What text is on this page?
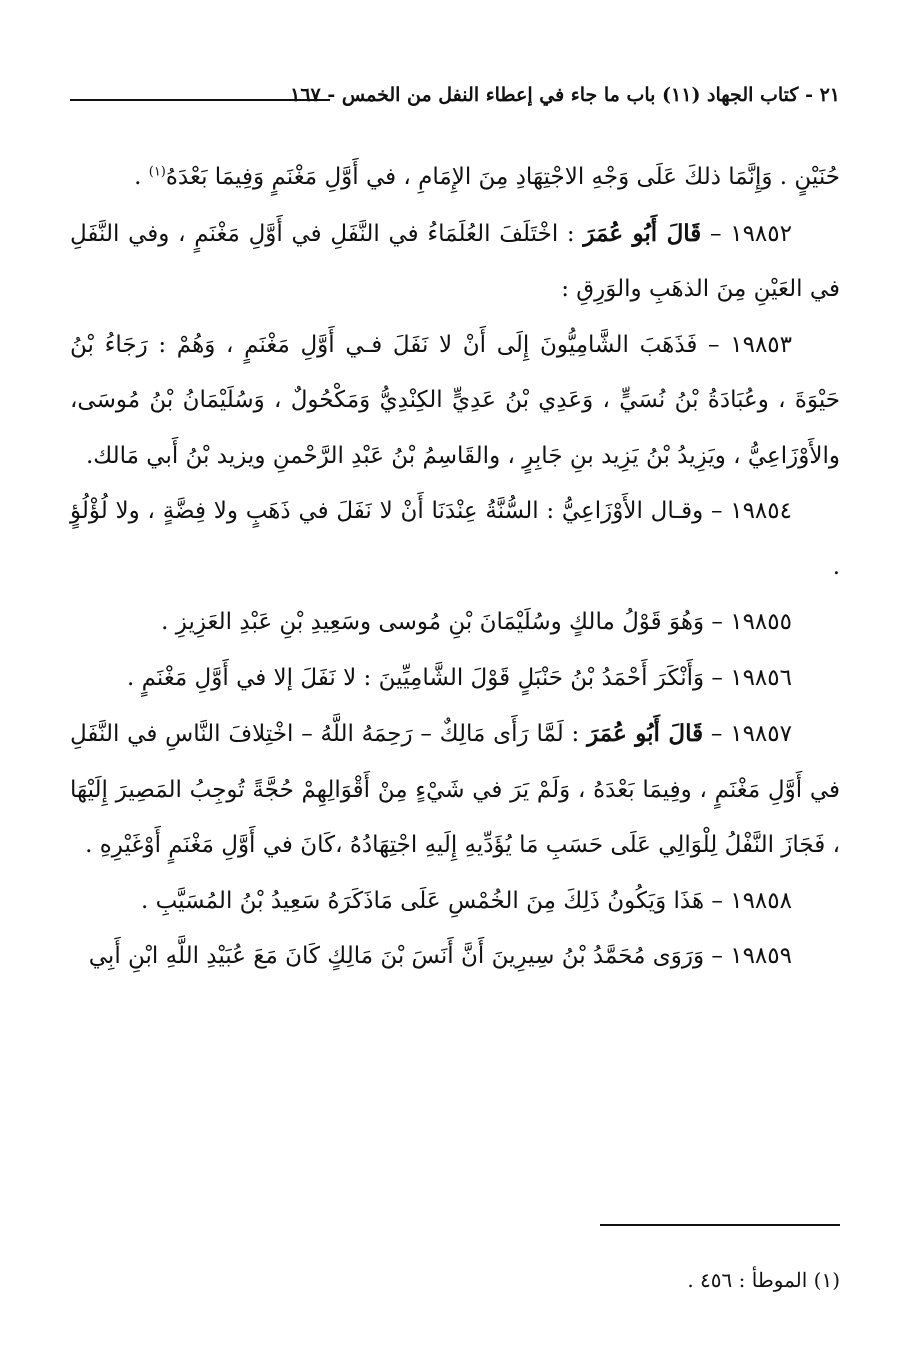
٢١ - كتاب الجهاد (١١) باب ما جاء في إعطاء النفل من الخمس - ١٦٧

حُنَيْنٍ . وَإِنَّمَا ذلكَ عَلَى وَجْهِ الاجْتِهَادِ مِنَ الإِمَامِ ، في أَوَّلِ مَغْنَمٍ وَفِيمَا بَعْدَهُ$^{(١)}$ .

١٩٨٥٢ – قَالَ أَبُو عُمَرَ : اخْتَلَفَ العُلَمَاءُ في النَّفَلِ في أَوَّلِ مَغْنَمٍ ، وفي النَّفَلِ في العَيْنِ مِنَ الذهَبِ والوَرِقِ :

١٩٨٥٣ – فَذَهَبَ الشَّامِيُّونَ إِلَى أَنْ لا نَفَلَ فـي أَوَّلِ مَغْنَمٍ ، وَهُمْ : رَجَاءُ بْنُ حَيْوَةَ ، وعُبَادَةُ بْنُ نُسَيٍّ ، وَعَدِي بْنُ عَدِيٍّ الكِنْدِيُّ وَمَكْحُولٌ ، وَسُلَيْمَانُ بْنُ مُوسَى، والأَوْزَاعِيُّ ، ويَزِيدُ بْنُ يَزِيد بنِ جَابِرٍ ، والقَاسِمُ بْنُ عَبْدِ الرَّحْمنِ ويزيد بْنُ أَبي مَالك.

١٩٨٥٤ – وقـال الأَوْزَاعِيُّ : السُّنَّةُ عِنْدَنَا أَنْ لا نَفَلَ في ذَهَبٍ ولا فِضَّةٍ ، ولا لُؤْلُؤٍ .

١٩٨٥٥ – وَهُوَ قَوْلُ مالكٍ وسُلَيْمَانَ بْنِ مُوسى وسَعِيدِ بْنِ عَبْدِ العَزِيزِ .

١٩٨٥٦ – وَأَنْكَرَ أَحْمَدُ بْنُ حَنْبَلٍ قَوْلَ الشَّامِيِّينَ : لا نَفَلَ إلا في أَوَّلِ مَغْنَمٍ .

١٩٨٥٧ – قَالَ أَبُو عُمَرَ : لَمَّا رَأَى مَالِكٌ – رَحِمَهُ اللَّهُ – اخْتِلافَ النَّاسِ في النَّفَلِ في أَوَّلِ مَغْنَمٍ ، وفِيمَا بَعْدَهُ ، وَلَمْ يَرَ في شَيْءٍ مِنْ أَقْوَالِهِمْ حُجَّةً تُوجِبُ المَصِيرَ إِلَيْهَا ، فَجَازَ النَّفْلُ لِلْوَالِي عَلَى حَسَبِ مَا يُؤَدِّيهِ إِلَيهِ اجْتِهَادُهُ ،كَانَ في أَوَّلِ مَغْنَمٍ أَوْغَيْرِهِ .

١٩٨٥٨ – هَذَا وَيَكُونُ ذَلِكَ مِنَ الخُمْسِ عَلَى مَاذَكَرَهُ سَعِيدُ بْنُ المُسَيَّبِ .

١٩٨٥٩ – وَرَوَى مُحَمَّدُ بْنُ سِيرِينَ أَنَّ أَنَسَ بْنَ مَالِكٍ كَانَ مَعَ عُبَيْدِ اللَّهِ ابْنِ أَبِي

(١) الموطأ : ٤٥٦ .
